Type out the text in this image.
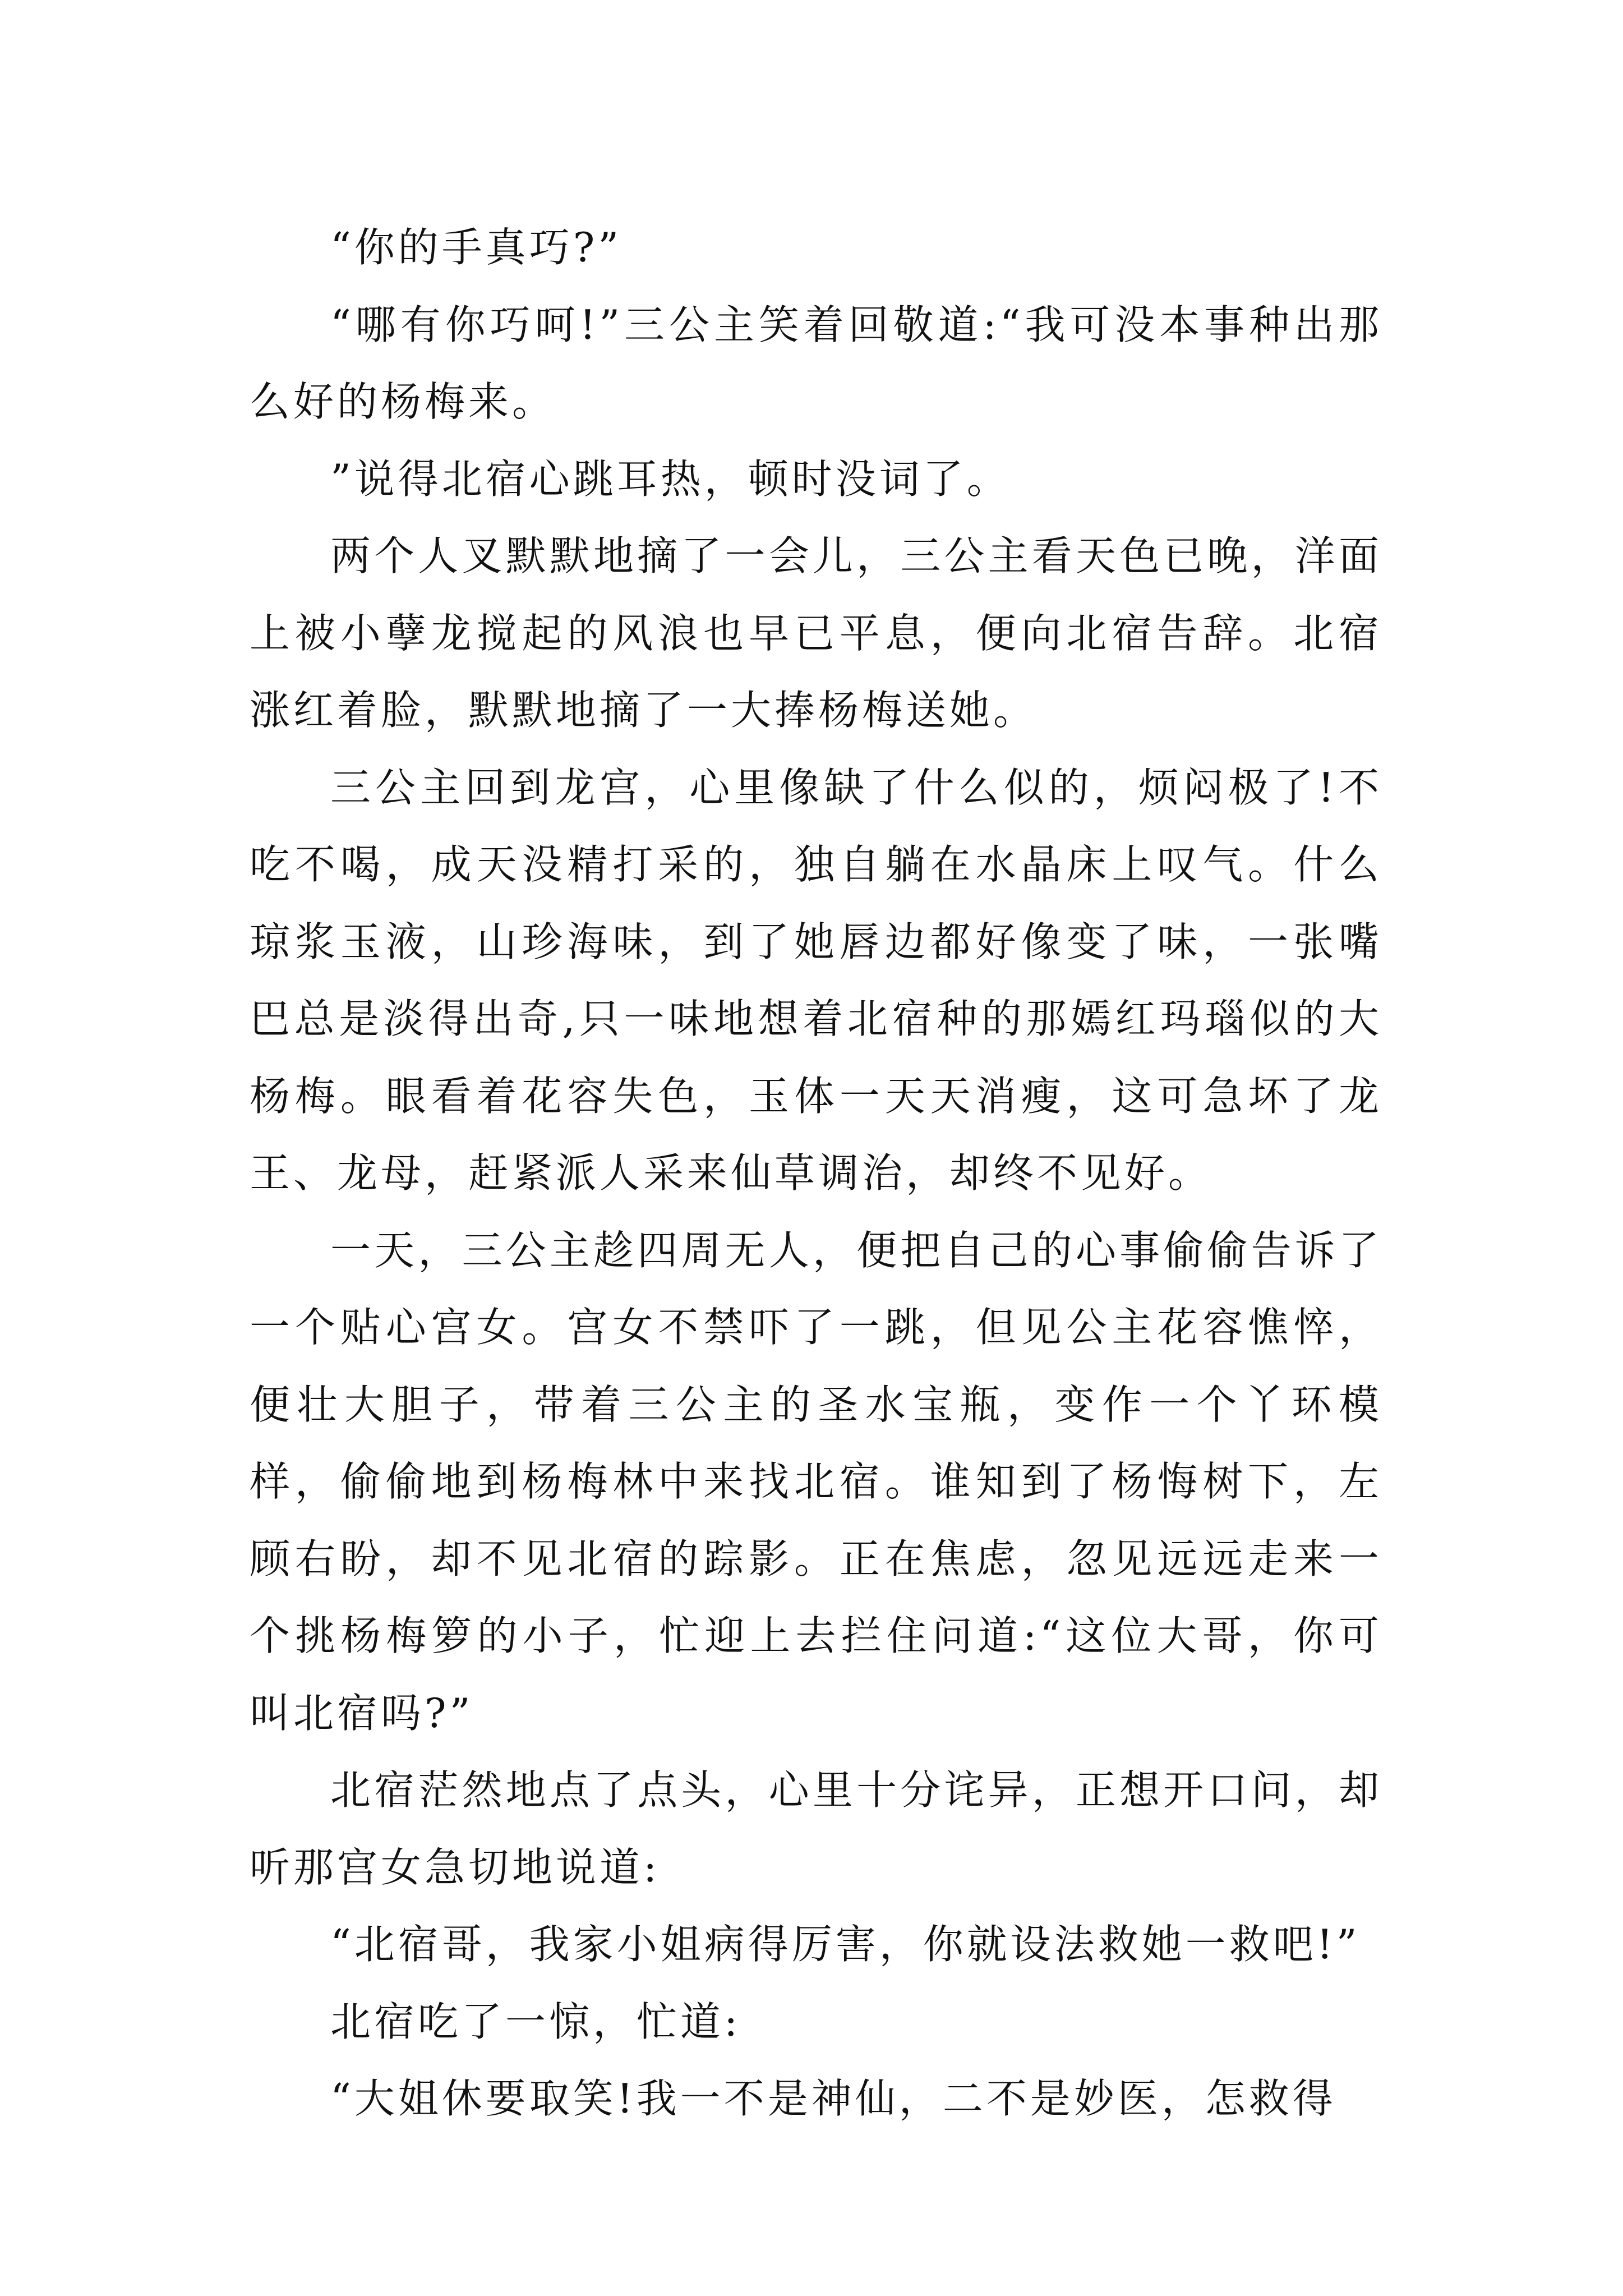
“你的手真巧?”

“哪有你巧呵!”三公主笑着回敬道:“我可没本事种出那么好的杨梅来。

”说得北宿心跳耳热，顿时没词了。

两个人叉默默地摘了一会儿，三公主看天色已晚，洋面上被小孽龙搅起的风浪也早已平息，便向北宿告辞。北宿涨红着脸，默默地摘了一大捧杨梅送她。

三公主回到龙宫，心里像缺了什么似的，烦闷极了!不吃不喝，成天没精打采的，独自躺在水晶床上叹气。什么琼浆玉液，山珍海味，到了她唇边都好像变了味，一张嘴巴总是淡得出奇,只一味地想着北宿种的那嫣红玛瑙似的大杨梅。眼看着花容失色，玉体一天天消瘦，这可急坏了龙王、龙母，赶紧派人采来仙草调治，却终不见好。

一天，三公主趁四周无人，便把自己的心事偷偷告诉了一个贴心宫女。宫女不禁吓了一跳，但见公主花容憔悴，便壮大胆子，带着三公主的圣水宝瓶，变作一个丫环模样，偷偷地到杨梅林中来找北宿。谁知到了杨悔树下，左顾右盼，却不见北宿的踪影。正在焦虑，忽见远远走来一个挑杨梅箩的小子，忙迎上去拦住问道:“这位大哥，你可叫北宿吗?”

北宿茫然地点了点头，心里十分诧异，正想开口问，却听那宫女急切地说道:

“北宿哥，我家小姐病得厉害，你就设法救她一救吧!”

北宿吃了一惊，忙道:

“大姐休要取笑!我一不是神仙，二不是妙医，怎救得
